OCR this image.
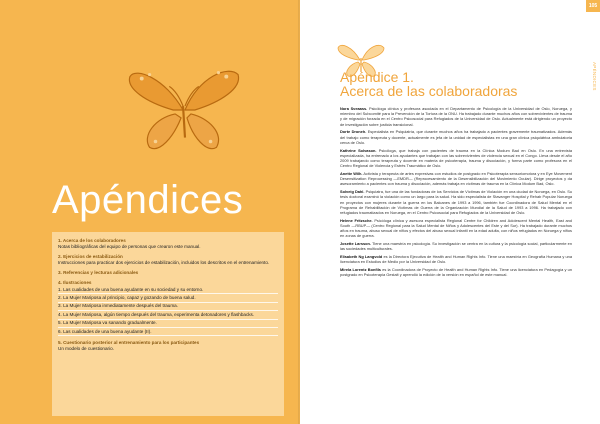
Apéndices
1. Acerca de los colaboradores
Notas bibliográficas del equipo de personas que crearon este manual.
2. Ejercicios de estabilización
Instrucciones para practicar dos ejercicios de estabilización, incluidos los descritos en el entrenamiento.
3. Referencias y lecturas adicionales
4. Ilustraciones
1. Las cualidades de una buena ayudante en su sociedad y su entorno.
2. La Mujer Mariposa al principio, capaz y gozando de buena salud.
3. La Mujer Mariposa inmediatamente después del trauma.
4. La Mujer Mariposa, algún tiempo después del trauma, experimenta detonadores y flashbacks.
5. La Mujer Mariposa va sanando gradualmente.
6. Las cualidades de una buena ayudante (II).
5. Cuestionario posterior al entrenamiento para los participantes
Un modelo de cuestionario.
105
APÉNDICES
Apéndice 1.
Acerca de las colaboradoras

Nora Sveaass. Psicóloga clínica y profesora asociada en el Departamento de Psicología de la Universidad de Oslo, Noruega, y miembro del Subcomité para la Prevención de la Tortura de la ONU. Ha trabajado durante muchos años con sobrevivientes de trauma y de migración forzada en el Centro Psicosocial para Refugiados de la Universidad de Oslo. Actualmente está dirigiendo un proyecto de investigación sobre justicia transicional.

Dorte Droneh. Especialista en Psiquiatría, que durante muchos años ha trabajado a pacientes gravemente traumatizados. Además del trabajo como terapeuta y docente, actualmente es jefa de la unidad de especialistas en una gran clínica psiquiátrica ambulatoria cerca de Oslo.

Kathrine Solvason. Psicóloga, que trabaja con pacientes de trauma en la Clínica Modum Bad en Oslo. En una entrevista especializada, ha entrenado a los ayudantes que trabajan con las sobrevivientes de violencia sexual en el Congo. Lleva desde el año 2009 trabajando como terapeuta y docente en materia de psicoterapia, trauma y disociación, y forma parte como profesora en el Centro Regional de Violencia y Estrés Traumático de Oslo.

Anette Wilh. Activista y terapeuta de artes expresivas con estudios de postgrado en Psicoterapia sensoriomotora y en Eye Movement Desensitization Reprocessing —EMDR— (Reprocesamiento de la Desensibilización del Movimiento Ocular). Dirige proyectos y da asesoramiento a pacientes con trauma y disociación, además trabaja en víctimas de trauma en la Clínica Modum Bad, Oslo.

Solveig Dahl. Psiquiatra, fue una de las fundadoras de los Servicios de Víctimas de Violación en una ciudad de Noruega, en Oslo. Su tesis doctoral examinó la violación como un largo para la salud. Ha sido especialista de Stavanger Hospital y Rehab Popular Noruega en proyectos con mujeres durante la guerra en los Balcanes de 1993 a 1996, también fue Coordinadora de Salud Mental en el Programa de Rehabilitación de Víctimas de Guerra de la Organización Mundial de la Salud de 1993 a 1996. Ha trabajado con refugiados traumatizados en Noruega, en el Centro Psicosocial para Refugiados de la Universidad de Oslo.

Helene Fritzsche. Psicóloga clínica y asesora especialista Regional Centre for Children and Adolescent Mental Health, East and South —RBUP— (Centro Regional para la Salud Mental de Niños y Adolescentes del Este y del Sur). Ha trabajado durante muchos años en trauma, abuso sexual de niños y efectos del abuso sexual infantil en la edad adulta, con niños refugiados en Noruega y niños en zonas de guerra.

Josette Larsson. Tiene una maestría en psicología. Su investigación se centra en la cultura y la psicología social, particularmente en las sociedades multiculturales.

Elisabeth Ng Langvold es la Directora Ejecutiva de Health and Human Rights Info. Tiene una maestría en Geografía Humana y una licenciatura en Estudios de Medio por la Universidad de Oslo.

Mirela Lorentz Bonfils es la Coordinadora de Proyecto de Health and Human Rights Info. Tiene una licenciatura en Pedagogía y un postgrado en Psicoterapia Gestalt y aprendió la edición de la versión en español de este manual.
